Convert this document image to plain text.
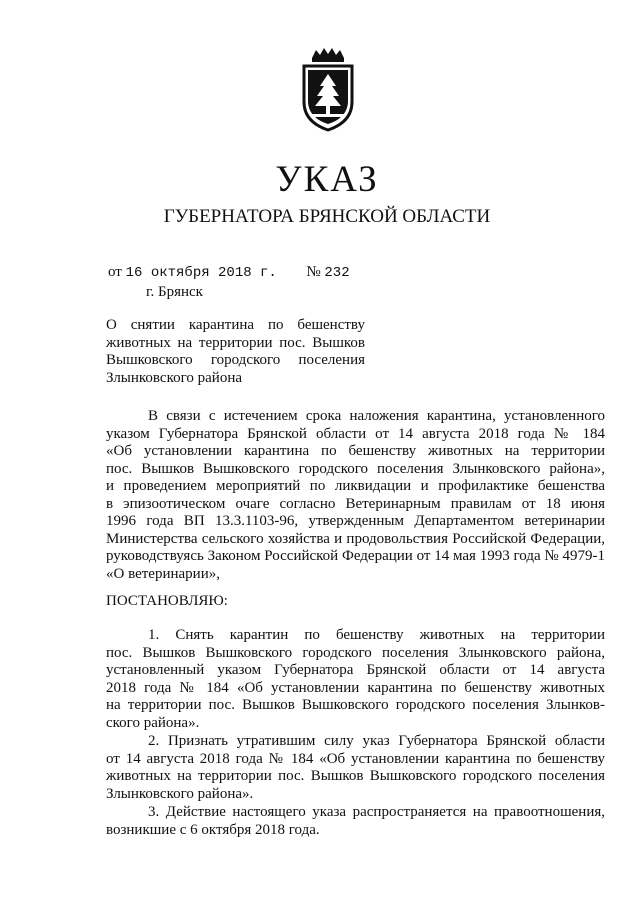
УКАЗ
ГУБЕРНАТОРА БРЯНСКОЙ ОБЛАСТИ
от 16 октября 2018 г. № 232
г. Брянск
О снятии карантина по бешенству
животных на территории пос. Вышков
Вышковского городского поселения
Злынковского района
В связи с истечением срока наложения карантина, установленного
указом Губернатора Брянской области от 14 августа 2018 года № 184
«Об установлении карантина по бешенству животных на территории
пос. Вышков Вышковского городского поселения Злынковского района»,
и проведением мероприятий по ликвидации и профилактике бешенства
в эпизоотическом очаге согласно Ветеринарным правилам от 18 июня
1996 года ВП 13.3.1103-96, утвержденным Департаментом ветеринарии
Министерства сельского хозяйства и продовольствия Российской Федерации,
руководствуясь Законом Российской Федерации от 14 мая 1993 года № 4979-1
«О ветеринарии»,
ПОСТАНОВЛЯЮ:
1. Снять карантин по бешенству животных на территории
пос. Вышков Вышковского городского поселения Злынковского района,
установленный указом Губернатора Брянской области от 14 августа
2018 года № 184 «Об установлении карантина по бешенству животных
на территории пос. Вышков Вышковского городского поселения Злынков-
ского района».
2. Признать утратившим силу указ Губернатора Брянской области
от 14 августа 2018 года № 184 «Об установлении карантина по бешенству
животных на территории пос. Вышков Вышковского городского поселения
Злынковского района».
3. Действие настоящего указа распространяется на правоотношения,
возникшие с 6 октября 2018 года.
